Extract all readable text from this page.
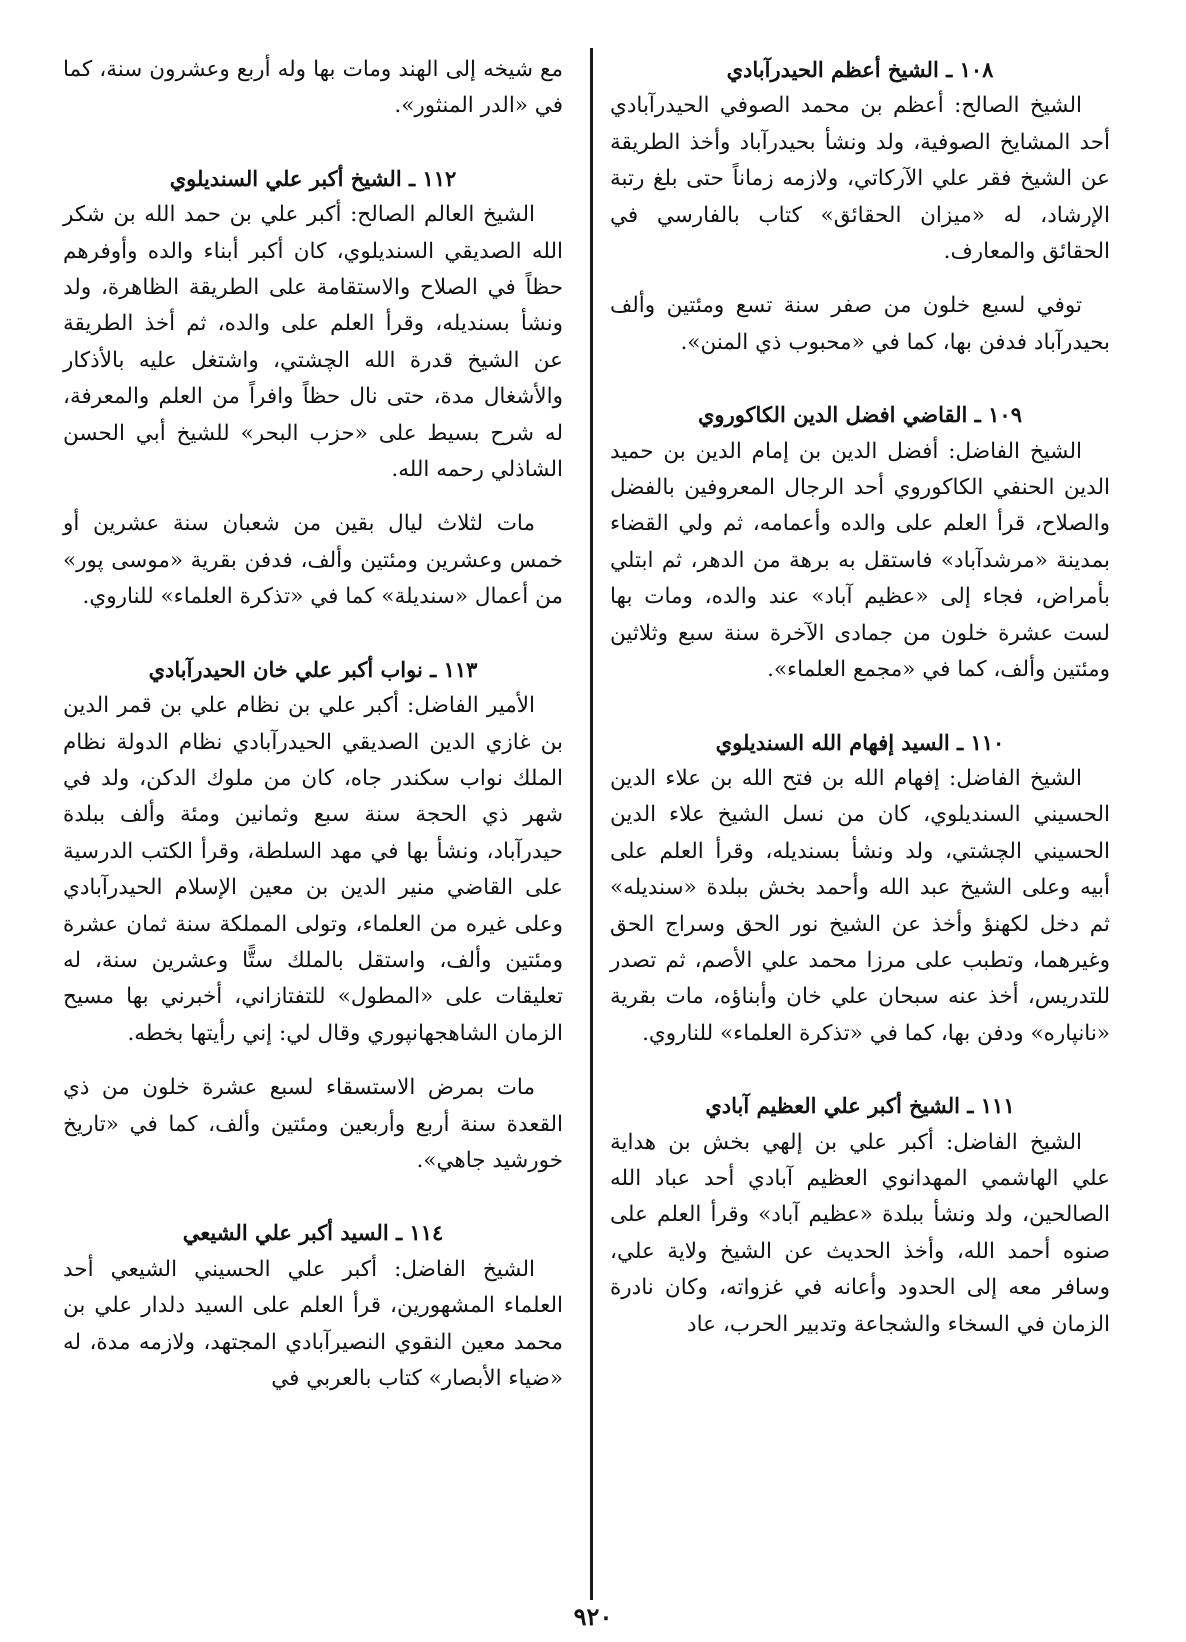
١٠٨ ـ الشيخ أعظم الحيدرآبادي

الشيخ الصالح: أعظم بن محمد الصوفي الحيدرآبادي أحد المشايخ الصوفية، ولد ونشأ بحيدرآباد وأخذ الطريقة عن الشيخ فقر علي الآركاتي، ولازمه زماناً حتى بلغ رتبة الإرشاد، له «ميزان الحقائق» كتاب بالفارسي في الحقائق والمعارف.

توفي لسبع خلون من صفر سنة تسع ومئتين وألف بحيدرآباد فدفن بها، كما في «محبوب ذي المنن».

١٠٩ ـ القاضي افضل الدين الكاكوروي

الشيخ الفاضل: أفضل الدين بن إمام الدين بن حميد الدين الحنفي الكاكوروي أحد الرجال المعروفين بالفضل والصلاح، قرأ العلم على والده وأعمامه، ثم ولي القضاء بمدينة «مرشدآباد» فاستقل به برهة من الدهر، ثم ابتلي بأمراض، فجاء إلى «عظيم آباد» عند والده، ومات بها لست عشرة خلون من جمادى الآخرة سنة سبع وثلاثين ومئتين وألف، كما في «مجمع العلماء».

١١٠ ـ السيد إفهام الله السنديلوي

الشيخ الفاضل: إفهام الله بن فتح الله بن علاء الدين الحسيني السنديلوي، كان من نسل الشيخ علاء الدين الحسيني الچشتي، ولد ونشأ بسنديله، وقرأ العلم على أبيه وعلى الشيخ عبد الله وأحمد بخش ببلدة «سنديله» ثم دخل لكهنؤ وأخذ عن الشيخ نور الحق وسراج الحق وغيرهما، وتطبب على مرزا محمد علي الأصم، ثم تصدر للتدريس، أخذ عنه سبحان علي خان وأبناؤه، مات بقرية «نانپاره» ودفن بها، كما في «تذكرة العلماء» للناروي.

١١١ ـ الشيخ أكبر علي العظيم آبادي

الشيخ الفاضل: أكبر علي بن إلهي بخش بن هداية علي الهاشمي المهدانوي العظيم آبادي أحد عباد الله الصالحين، ولد ونشأ ببلدة «عظيم آباد» وقرأ العلم على صنوه أحمد الله، وأخذ الحديث عن الشيخ ولاية علي، وسافر معه إلى الحدود وأعانه في غزواته، وكان نادرة الزمان في السخاء والشجاعة وتدبير الحرب، عاد

مع شيخه إلى الهند ومات بها وله أربع وعشرون سنة، كما في «الدر المنثور».

١١٢ ـ الشيخ أكبر علي السنديلوي

الشيخ العالم الصالح: أكبر علي بن حمد الله بن شكر الله الصديقي السنديلوي، كان أكبر أبناء والده وأوفرهم حظاً في الصلاح والاستقامة على الطريقة الظاهرة، ولد ونشأ بسنديله، وقرأ العلم على والده، ثم أخذ الطريقة عن الشيخ قدرة الله الچشتي، واشتغل عليه بالأذكار والأشغال مدة، حتى نال حظاً وافراً من العلم والمعرفة، له شرح بسيط على «حزب البحر» للشيخ أبي الحسن الشاذلي رحمه الله.

مات لثلاث ليال بقين من شعبان سنة عشرين أو خمس وعشرين ومئتين وألف، فدفن بقرية «موسى پور» من أعمال «سنديلة» كما في «تذكرة العلماء» للناروي.

١١٣ ـ نواب أكبر علي خان الحيدرآبادي

الأمير الفاضل: أكبر علي بن نظام علي بن قمر الدين بن غازي الدين الصديقي الحيدرآبادي نظام الدولة نظام الملك نواب سكندر جاه، كان من ملوك الدكن، ولد في شهر ذي الحجة سنة سبع وثمانين ومئة وألف ببلدة حيدرآباد، ونشأ بها في مهد السلطة، وقرأ الكتب الدرسية على القاضي منير الدين بن معين الإسلام الحيدرآبادي وعلى غيره من العلماء، وتولى المملكة سنة ثمان عشرة ومئتين وألف، واستقل بالملك ستًّا وعشرين سنة، له تعليقات على «المطول» للتفتازاني، أخبرني بها مسيح الزمان الشاهجهانپوري وقال لي: إني رأيتها بخطه.

مات بمرض الاستسقاء لسبع عشرة خلون من ذي القعدة سنة أربع وأربعين ومئتين وألف، كما في «تاريخ خورشيد جاهي».

١١٤ ـ السيد أكبر علي الشيعي

الشيخ الفاضل: أكبر علي الحسيني الشيعي أحد العلماء المشهورين، قرأ العلم على السيد دلدار علي بن محمد معين النقوي النصيرآبادي المجتهد، ولازمه مدة، له «ضياء الأبصار» كتاب بالعربي في

٩٢٠
